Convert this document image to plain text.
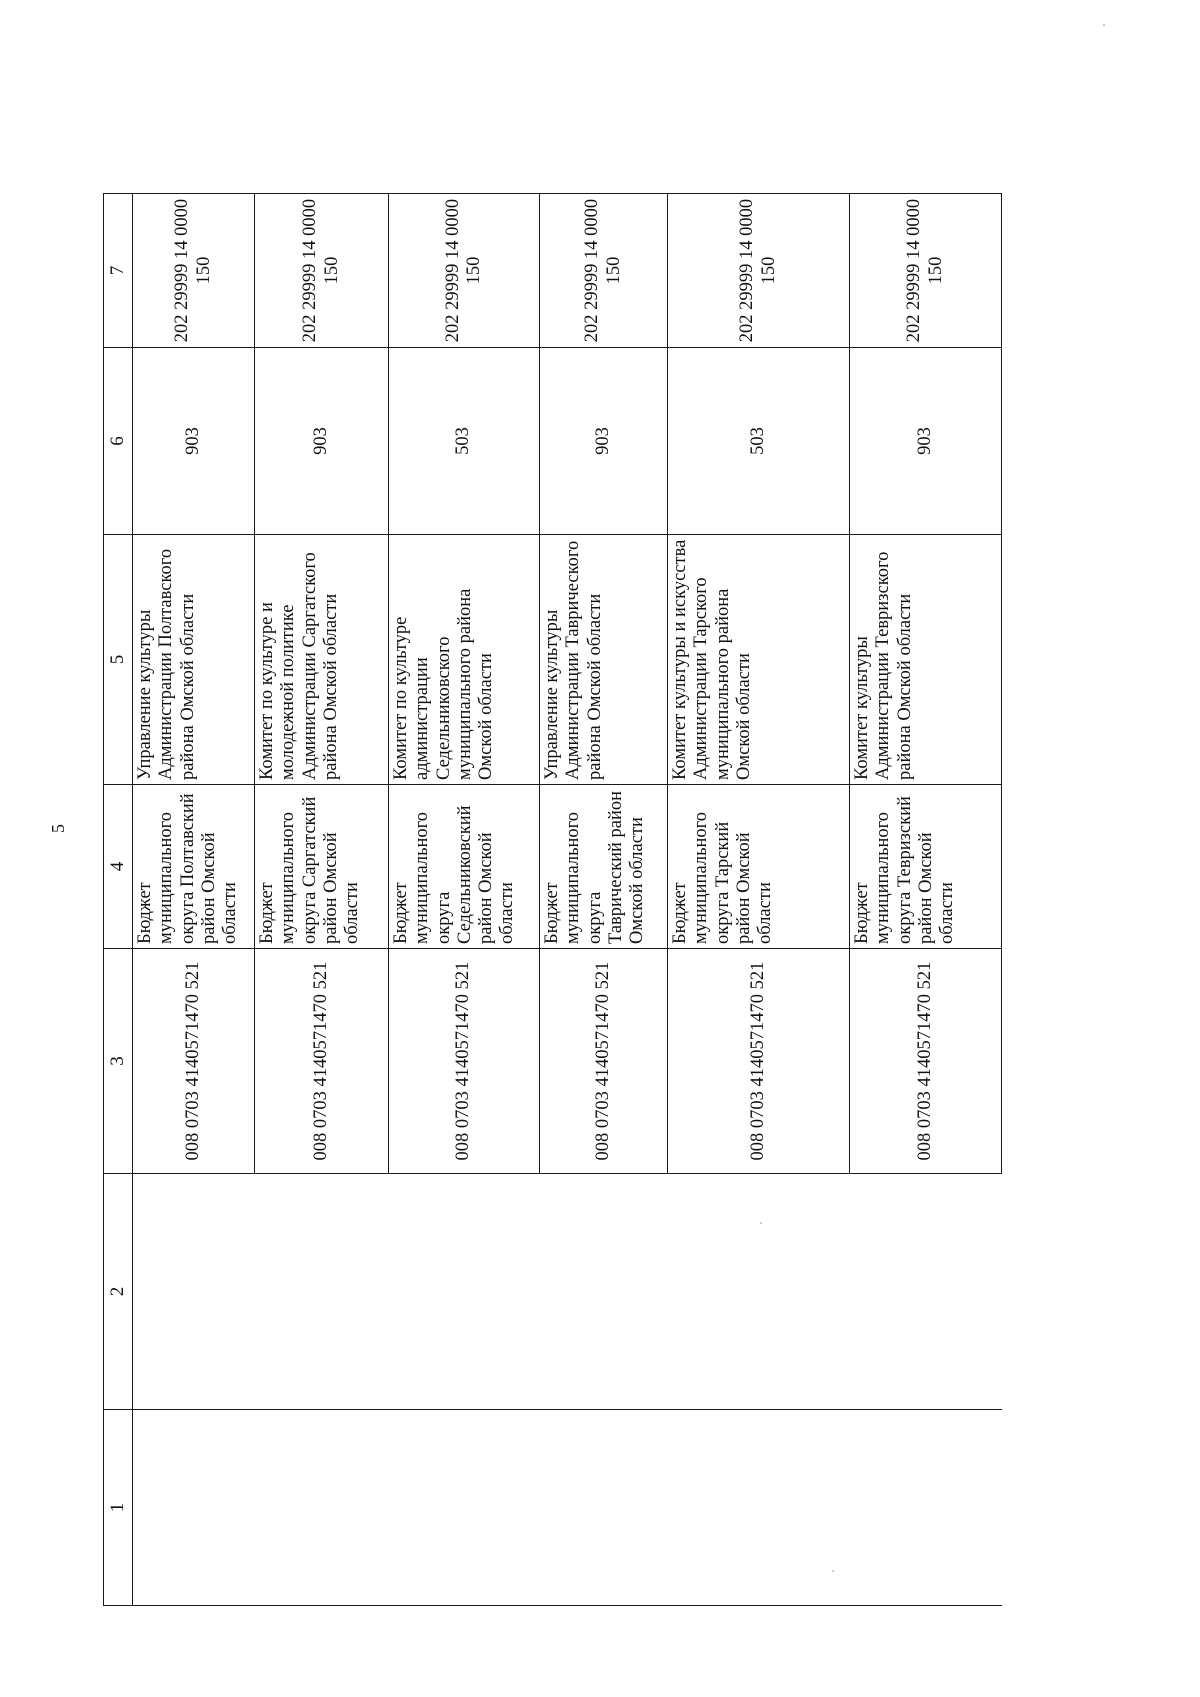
5
1	2	3	4	5	6	7
		008 0703 4140571470 521	Бюджет муниципального округа Полтавский район Омской области	Управление культуры Администрации Полтавского района Омской области	903	202 29999 14 0000 150
		008 0703 4140571470 521	Бюджет муниципального округа Саргатский район Омской области	Комитет по культуре и молодежной политике Администрации Саргатского района Омской области	903	202 29999 14 0000 150
		008 0703 4140571470 521	Бюджет муниципального округа Седельниковский район Омской области	Комитет по культуре администрации Седельниковского муниципального района Омской области	503	202 29999 14 0000 150
		008 0703 4140571470 521	Бюджет муниципального округа Таврический район Омской области	Управление культуры Администрации Таврического района Омской области	903	202 29999 14 0000 150
		008 0703 4140571470 521	Бюджет муниципального округа Тарский район Омской области	Комитет культуры и искусства Администрации Тарского муниципального района Омской области	503	202 29999 14 0000 150
		008 0703 4140571470 521	Бюджет муниципального округа Тевризский район Омской области	Комитет культуры Администрации Тевризского района Омской области	903	202 29999 14 0000 150
